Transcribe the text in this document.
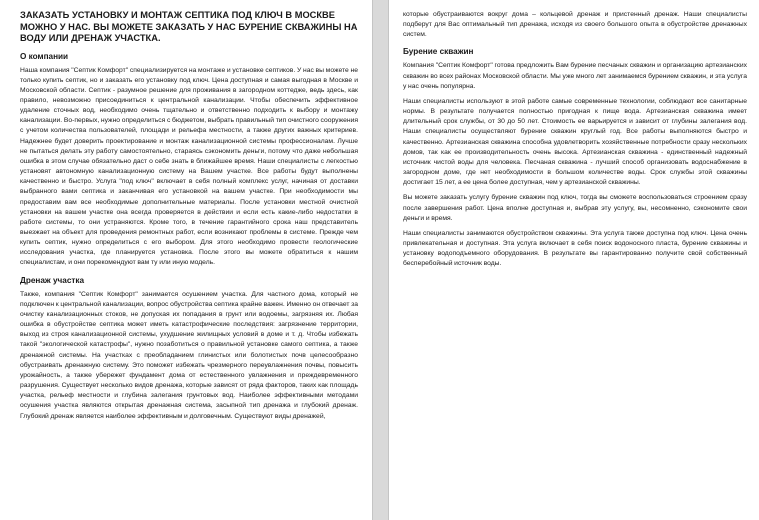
ЗАКАЗАТЬ УСТАНОВКУ И МОНТАЖ СЕПТИКА ПОД КЛЮЧ В МОСКВЕ МОЖНО У НАС. ВЫ МОЖЕТЕ ЗАКАЗАТЬ У НАС БУРЕНИЕ СКВАЖИНЫ НА ВОДУ ИЛИ ДРЕНАЖ УЧАСТКА.
О компании
Наша компания "Септик Комфорт" специализируется на монтаже и установке септиков. У нас вы можете не только купить септик, но и заказать его установку под ключ. Цена доступная и самая выгодная в Москве и Московской области. Септик - разумное решение для проживания в загородном коттедже, ведь здесь, как правило, невозможно присоединиться к центральной канализации. Чтобы обеспечить эффективное удаление сточных вод, необходимо очень тщательно и ответственно подходить к выбору и монтажу канализации. Во-первых, нужно определиться с бюджетом, выбрать правильный тип очистного сооружения с учетом количества пользователей, площади и рельефа местности, а также других важных критериев. Надежнее будет доверить проектирование и монтаж канализационной системы профессионалам. Лучше не пытаться делать эту работу самостоятельно, стараясь сэкономить деньги, потому что даже небольшая ошибка в этом случае обязательно даст о себе знать в ближайшее время. Наши специалисты с легкостью установят автономную канализационную систему на Вашем участке. Все работы будут выполнены качественно и быстро. Услуга "под ключ" включает в себя полный комплекс услуг, начиная от доставки выбранного вами септика и заканчивая его установкой на вашем участке. При необходимости мы предоставим вам все необходимые дополнительные материалы. После установки местной очистной установки на вашем участке она всегда проверяется в действии и если есть какие-либо недостатки в работе системы, то они устраняются. Кроме того, в течение гарантийного срока наш представитель выезжает на объект для проведения ремонтных работ, если возникают проблемы в системе. Прежде чем купить септик, нужно определиться с его выбором. Для этого необходимо провести геологические исследования участка, где планируется установка. После этого вы можете обратиться к нашим специалистам, и они порекомендуют вам ту или иную модель.
Дренаж участка
Также, компания "Септик Комфорт" занимается осушением участка. Для частного дома, который не подключен к центральной канализации, вопрос обустройства септика крайне важен. Именно он отвечает за очистку канализационных стоков, не допуская их попадания в грунт или водоемы, загрязняя их. Любая ошибка в обустройстве септика может иметь катастрофические последствия: загрязнение территории, выход из строя канализационной системы, ухудшение жилищных условий в доме и т. д. Чтобы избежать такой "экологической катастрофы", нужно позаботиться о правильной установке самого септика, а также дренажной системы. На участках с преобладанием глинистых или болотистых почв целесообразно обустраивать дренажную систему. Это поможет избежать чрезмерного переувлажнения почвы, повысить урожайность, а также убережет фундамент дома от естественного увлажнения и преждевременного разрушения. Существует несколько видов дренажа, которые зависят от ряда факторов, таких как площадь участка, рельеф местности и глубина залегания грунтовых вод. Наиболее эффективными методами осушения участка являются открытая дренажная система, засыпной тип дренажа и глубокий дренаж. Глубокий дренаж является наиболее эффективным и долговечным. Существуют виды дренажей,
которые обустраиваются вокруг дома – кольцевой дренаж и пристенный дренаж. Наши специалисты подберут для Вас оптимальный тип дренажа, исходя из своего большого опыта в обустройстве дренажных систем.
Бурение скважин
Компания "Септик Комфорт" готова предложить Вам бурение песчаных скважин и организацию артезианских скважин во всех районах Московской области. Мы уже много лет занимаемся бурением скважин, и эта услуга у нас очень популярна.
Наши специалисты используют в этой работе самые современные технологии, соблюдают все санитарные нормы. В результате получается полностью пригодная к пище вода. Артезианская скважина имеет длительный срок службы, от 30 до 50 лет. Стоимость ее варьируется и зависит от глубины залегания вод. Наши специалисты осуществляют бурение скважин круглый год. Все работы выполняются быстро и качественно. Артезианская скважина способна удовлетворить хозяйственные потребности сразу нескольких домов, так как ее производительность очень высока. Артезианская скважина - единственный надежный источник чистой воды для человека. Песчаная скважина - лучший способ организовать водоснабжение в загородном доме, где нет необходимости в большом количестве воды. Срок службы этой скважины достигает 15 лет, а ее цена более доступная, чем у артезианской скважины.
Вы можете заказать услугу бурение скважин под ключ, тогда вы сможете воспользоваться строением сразу после завершения работ. Цена вполне доступная и, выбрав эту услугу, вы, несомненно, сэкономите свои деньги и время.
Наши специалисты занимаются обустройством скважины. Эта услуга также доступна под ключ. Цена очень привлекательная и доступная. Эта услуга включает в себя поиск водоносного пласта, бурение скважины и установку водоподъемного оборудования. В результате вы гарантированно получите свой собственный бесперебойный источник воды.
